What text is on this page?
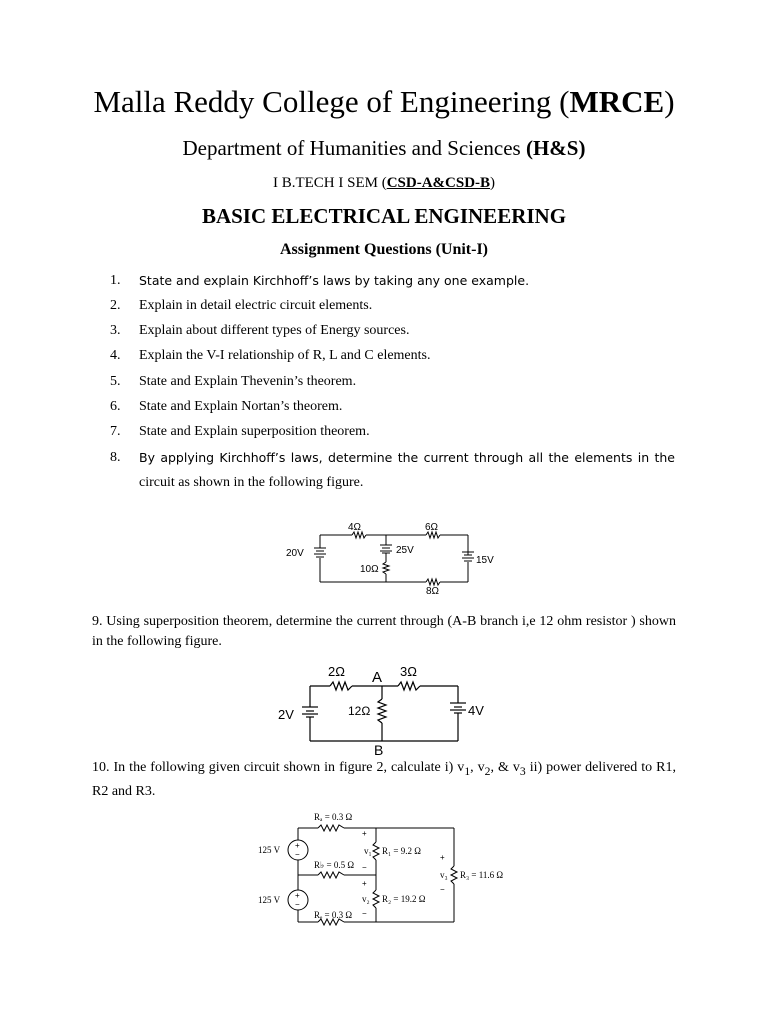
Malla Reddy College of Engineering (MRCE)
Department of Humanities and Sciences (H&S)
I B.TECH I SEM (CSD-A&CSD-B)
BASIC ELECTRICAL ENGINEERING
Assignment Questions (Unit-I)
1. State and explain Kirchhoff’s laws by taking any one example.
2. Explain in detail electric circuit elements.
3. Explain about different types of Energy sources.
4. Explain the V-I relationship of R, L and C elements.
5. State and Explain Thevenin’s theorem.
6. State and Explain Nortan’s theorem.
7. State and Explain superposition theorem.
8. By applying Kirchhoff’s laws, determine the current through all the elements in the
circuit as shown in the following figure.
4Ω	6Ω
10Ω
8Ω
20V	25V
15V
9. Using superposition theorem, determine the current through (A-B branch i,e 12 ohm resistor ) shown in the following figure.
2Ω A 3Ω
12Ω
B
2V	4V
10. In the following given circuit shown in figure 2, calculate i) $v_1$, $v_2$, & $v_3$ ii) power delivered to R1, R2 and R3.
+
−
+
−
+
−
+
−
+
−
Rₐ = 0.3 Ω
R♭ = 0.5 Ω
Rₑ = 0.3 Ω
125 V
125 V
v₁ R₁ = 9.2 Ω
v₂ R₂ = 19.2 Ω
v₃ R₃ = 11.6 Ω
